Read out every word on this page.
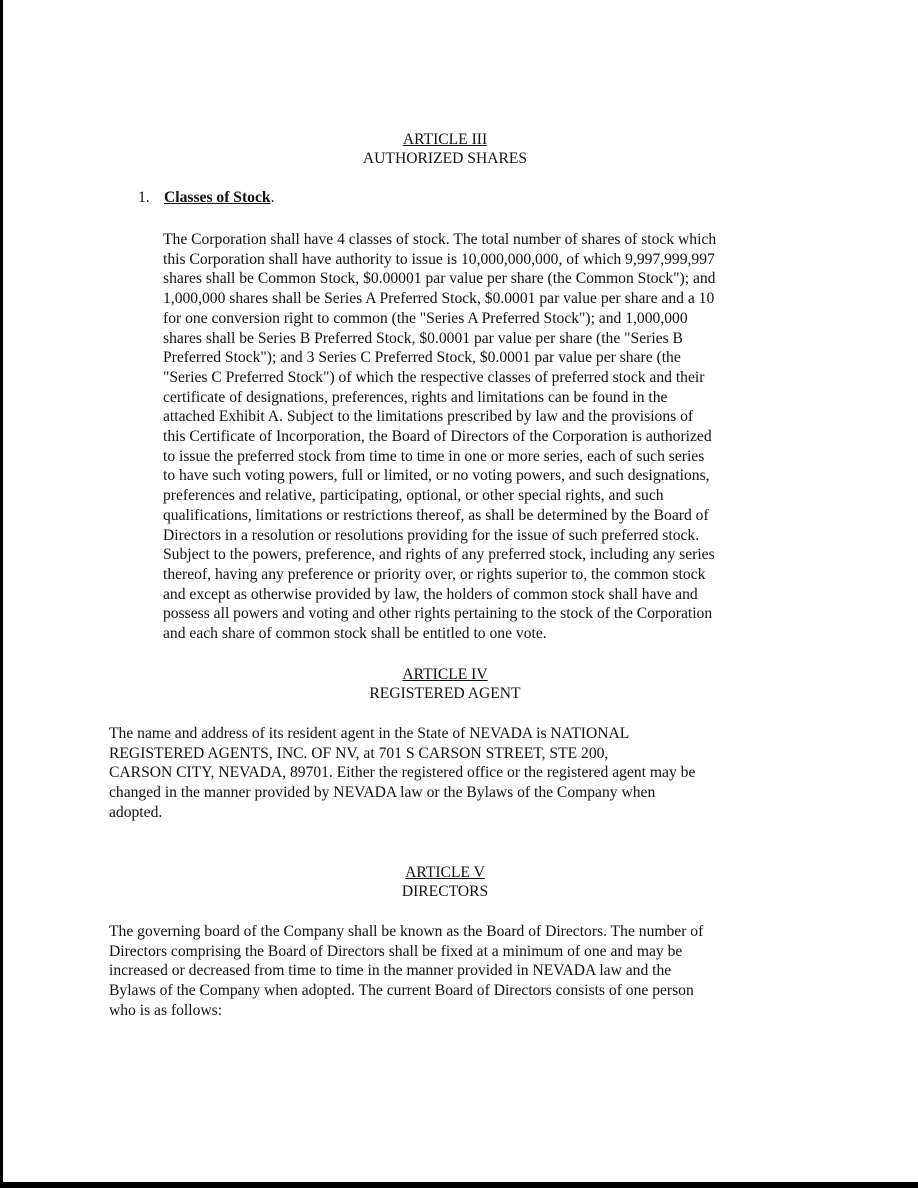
ARTICLE III
AUTHORIZED SHARES
1. Classes of Stock.
The Corporation shall have 4 classes of stock. The total number of shares of stock which
this Corporation shall have authority to issue is 10,000,000,000, of which 9,997,999,997
shares shall be Common Stock, $0.00001 par value per share (the Common Stock"); and
1,000,000 shares shall be Series A Preferred Stock, $0.0001 par value per share and a 10
for one conversion right to common (the "Series A Preferred Stock"); and 1,000,000
shares shall be Series B Preferred Stock, $0.0001 par value per share (the "Series B
Preferred Stock"); and 3 Series C Preferred Stock, $0.0001 par value per share (the
"Series C Preferred Stock") of which the respective classes of preferred stock and their
certificate of designations, preferences, rights and limitations can be found in the
attached Exhibit A. Subject to the limitations prescribed by law and the provisions of
this Certificate of Incorporation, the Board of Directors of the Corporation is authorized
to issue the preferred stock from time to time in one or more series, each of such series
to have such voting powers, full or limited, or no voting powers, and such designations,
preferences and relative, participating, optional, or other special rights, and such
qualifications, limitations or restrictions thereof, as shall be determined by the Board of
Directors in a resolution or resolutions providing for the issue of such preferred stock.
Subject to the powers, preference, and rights of any preferred stock, including any series
thereof, having any preference or priority over, or rights superior to, the common stock
and except as otherwise provided by law, the holders of common stock shall have and
possess all powers and voting and other rights pertaining to the stock of the Corporation
and each share of common stock shall be entitled to one vote.
ARTICLE IV
REGISTERED AGENT
The name and address of its resident agent in the State of NEVADA is NATIONAL
REGISTERED AGENTS, INC. OF NV, at 701 S CARSON STREET, STE 200,
CARSON CITY, NEVADA, 89701. Either the registered office or the registered agent may be
changed in the manner provided by NEVADA law or the Bylaws of the Company when
adopted.
ARTICLE V
DIRECTORS
The governing board of the Company shall be known as the Board of Directors. The number of
Directors comprising the Board of Directors shall be fixed at a minimum of one and may be
increased or decreased from time to time in the manner provided in NEVADA law and the
Bylaws of the Company when adopted. The current Board of Directors consists of one person
who is as follows:
